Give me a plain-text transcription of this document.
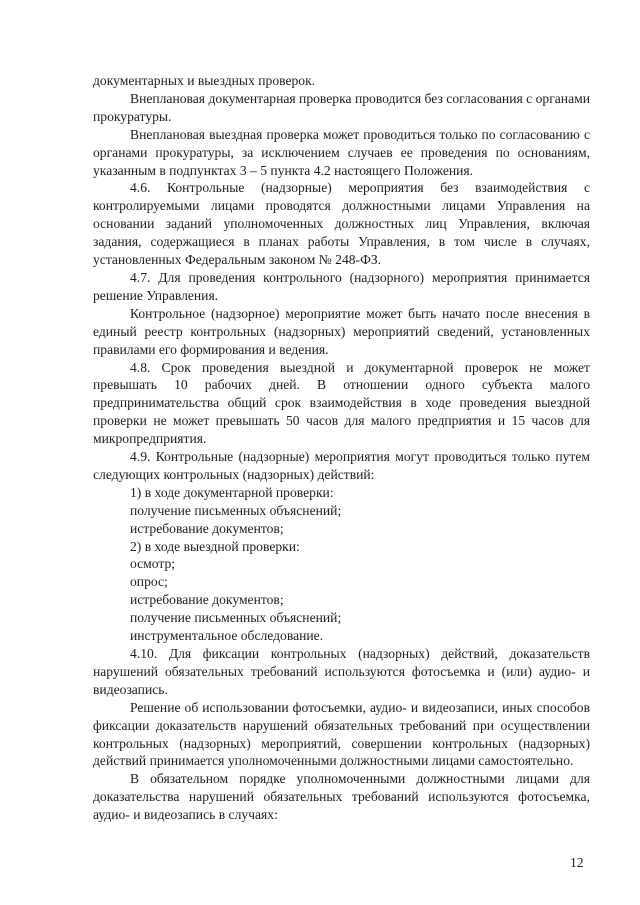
документарных и выездных проверок.

Внеплановая документарная проверка проводится без согласования с органами прокуратуры.

Внеплановая выездная проверка может проводиться только по согласованию с органами прокуратуры, за исключением случаев ее проведения по основаниям, указанным в подпунктах 3 – 5 пункта 4.2 настоящего Положения.

4.6. Контрольные (надзорные) мероприятия без взаимодействия с контролируемыми лицами проводятся должностными лицами Управления на основании заданий уполномоченных должностных лиц Управления, включая задания, содержащиеся в планах работы Управления, в том числе в случаях, установленных Федеральным законом № 248-ФЗ.

4.7. Для проведения контрольного (надзорного) мероприятия принимается решение Управления.

Контрольное (надзорное) мероприятие может быть начато после внесения в единый реестр контрольных (надзорных) мероприятий сведений, установленных правилами его формирования и ведения.

4.8. Срок проведения выездной и документарной проверок не может превышать 10 рабочих дней. В отношении одного субъекта малого предпринимательства общий срок взаимодействия в ходе проведения выездной проверки не может превышать 50 часов для малого предприятия и 15 часов для микропредприятия.

4.9. Контрольные (надзорные) мероприятия могут проводиться только путем следующих контрольных (надзорных) действий:

1) в ходе документарной проверки:

получение письменных объяснений;

истребование документов;

2) в ходе выездной проверки:

осмотр;

опрос;

истребование документов;

получение письменных объяснений;

инструментальное обследование.

4.10. Для фиксации контрольных (надзорных) действий, доказательств нарушений обязательных требований используются фотосъемка и (или) аудио- и видеозапись.

Решение об использовании фотосъемки, аудио- и видеозаписи, иных способов фиксации доказательств нарушений обязательных требований при осуществлении контрольных (надзорных) мероприятий, совершении контрольных (надзорных) действий принимается уполномоченными должностными лицами самостоятельно.

В обязательном порядке уполномоченными должностными лицами для доказательства нарушений обязательных требований используются фотосъемка, аудио- и видеозапись в случаях:

12
